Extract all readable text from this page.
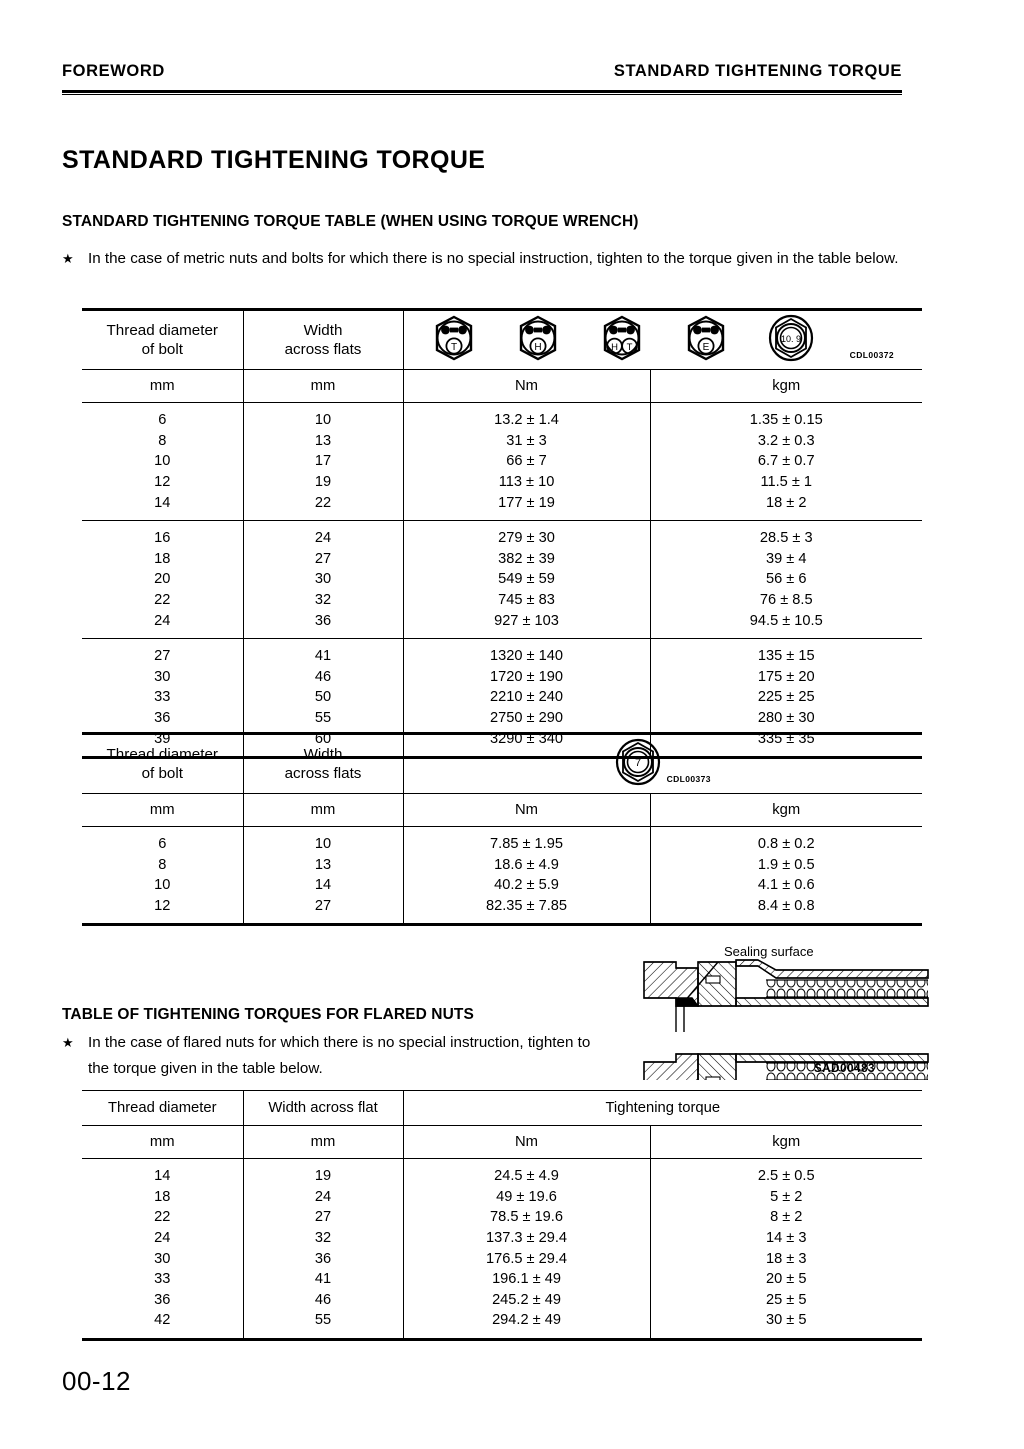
FOREWORD	STANDARD TIGHTENING TORQUE
STANDARD TIGHTENING TORQUE
STANDARD TIGHTENING TORQUE TABLE (WHEN USING TORQUE WRENCH)
★ In the case of metric nuts and bolts for which there is no special instruction, tighten to the torque given in the table below.
Thread diameter
of bolt	Width
across flats	T	H	H T	E
10. 9
CDL00372

mm	mm	Nm	kgm
6	10	13.2 ± 1.4	1.35 ± 0.15
8	13	31 ± 3	3.2 ± 0.3
10	17	66 ± 7	6.7 ± 0.7
12	19	113 ± 10	11.5 ± 1
14	22	177 ± 19	18 ± 2
16	24	279 ± 30	28.5 ± 3
18	27	382 ± 39	39 ± 4
20	30	549 ± 59	56 ± 6
22	32	745 ± 83	76 ± 8.5
24	36	927 ± 103	94.5 ± 10.5
27	41	1320 ± 140	135 ± 15
30	46	1720 ± 190	175 ± 20
33	50	2210 ± 240	225 ± 25
36	55	2750 ± 290	280 ± 30
39	60	3290 ± 340	335 ± 35

Thread diameter
of bolt	Width
across flats	7
CDL00373	

mm	mm	Nm	kgm
6	10	7.85 ± 1.95	0.8 ± 0.2
8	13	18.6 ± 4.9	1.9 ± 0.5
10	14	40.2 ± 5.9	4.1 ± 0.6
12	27	82.35 ± 7.85	8.4 ± 0.8

TABLE OF TIGHTENING TORQUES FOR FLARED NUTS
★ In the case of flared nuts for which there is no special instruction, tighten to the torque given in the table below.
Sealing surface
SAD00483
Thread diameter	Width across flat	Tightening torque	
mm	mm	Nm	kgm
14	19	24.5 ± 4.9	2.5 ± 0.5
18	24	49 ± 19.6	5 ± 2
22	27	78.5 ± 19.6	8 ± 2
24	32	137.3 ± 29.4	14 ± 3
30	36	176.5 ± 29.4	18 ± 3
33	41	196.1 ± 49	20 ± 5
36	46	245.2 ± 49	25 ± 5
42	55	294.2 ± 49	30 ± 5

00-12
